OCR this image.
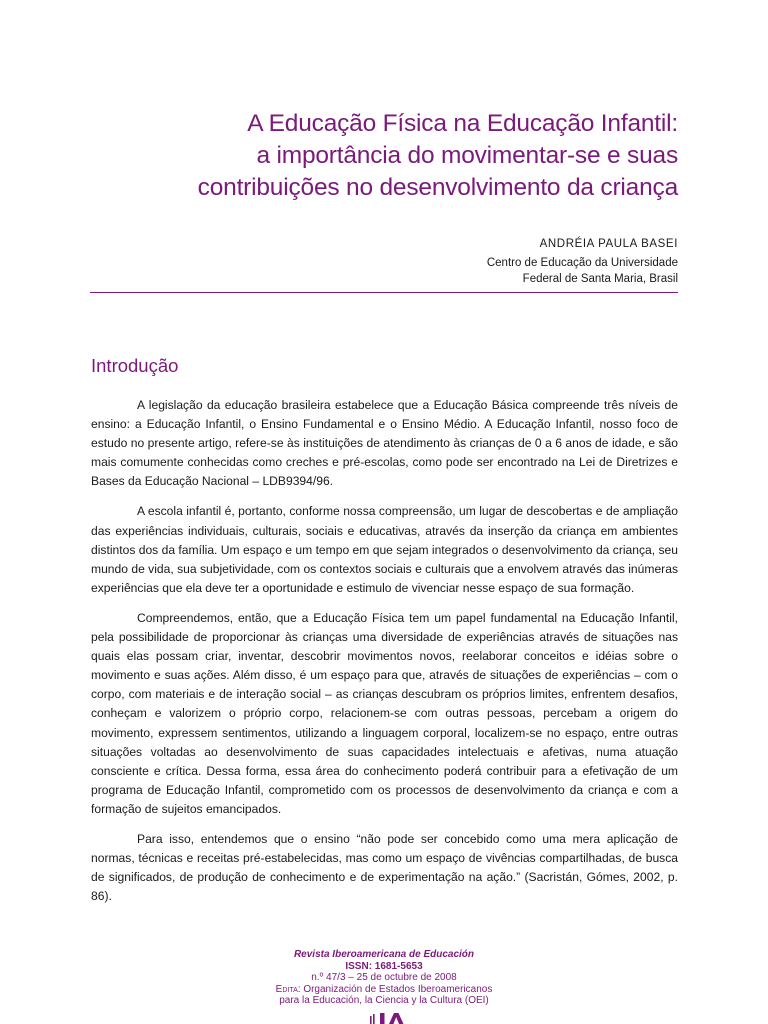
A Educação Física na Educação Infantil:
a importância do movimentar-se e suas
contribuições no desenvolvimento da criança
ANDRÉIA PAULA BASEI
Centro de Educação da Universidade
Federal de Santa Maria, Brasil
Introdução

A legislação da educação brasileira estabelece que a Educação Básica compreende três níveis de ensino: a Educação Infantil, o Ensino Fundamental e o Ensino Médio. A Educação Infantil, nosso foco de estudo no presente artigo, refere-se às instituições de atendimento às crianças de 0 a 6 anos de idade, e são mais comumente conhecidas como creches e pré-escolas, como pode ser encontrado na Lei de Diretrizes e Bases da Educação Nacional – LDB9394/96.

A escola infantil é, portanto, conforme nossa compreensão, um lugar de descobertas e de ampliação das experiências individuais, culturais, sociais e educativas, através da inserção da criança em ambientes distintos dos da família. Um espaço e um tempo em que sejam integrados o desenvolvimento da criança, seu mundo de vida, sua subjetividade, com os contextos sociais e culturais que a envolvem através das inúmeras experiências que ela deve ter a oportunidade e estimulo de vivenciar nesse espaço de sua formação.

Compreendemos, então, que a Educação Física tem um papel fundamental na Educação Infantil, pela possibilidade de proporcionar às crianças uma diversidade de experiências através de situações nas quais elas possam criar, inventar, descobrir movimentos novos, reelaborar conceitos e idéias sobre o movimento e suas ações. Além disso, é um espaço para que, através de situações de experiências – com o corpo, com materiais e de interação social – as crianças descubram os próprios limites, enfrentem desafios, conheçam e valorizem o próprio corpo, relacionem-se com outras pessoas, percebam a origem do movimento, expressem sentimentos, utilizando a linguagem corporal, localizem-se no espaço, entre outras situações voltadas ao desenvolvimento de suas capacidades intelectuais e afetivas, numa atuação consciente e crítica. Dessa forma, essa área do conhecimento poderá contribuir para a efetivação de um programa de Educação Infantil, comprometido com os processos de desenvolvimento da criança e com a formação de sujeitos emancipados.

Para isso, entendemos que o ensino “não pode ser concebido como uma mera aplicação de normas, técnicas e receitas pré-estabelecidas, mas como um espaço de vivências compartilhadas, de busca de significados, de produção de conhecimento e de experimentação na ação.” (Sacristán, Gómes, 2002, p. 86).

Revista Iberoamericana de Educación
ISSN: 1681-5653
n.º 47/3 – 25 de octubre de 2008
Edita: Organización de Estados Iberoamericanos
para la Educación, la Ciencia y la Cultura (OEI)
